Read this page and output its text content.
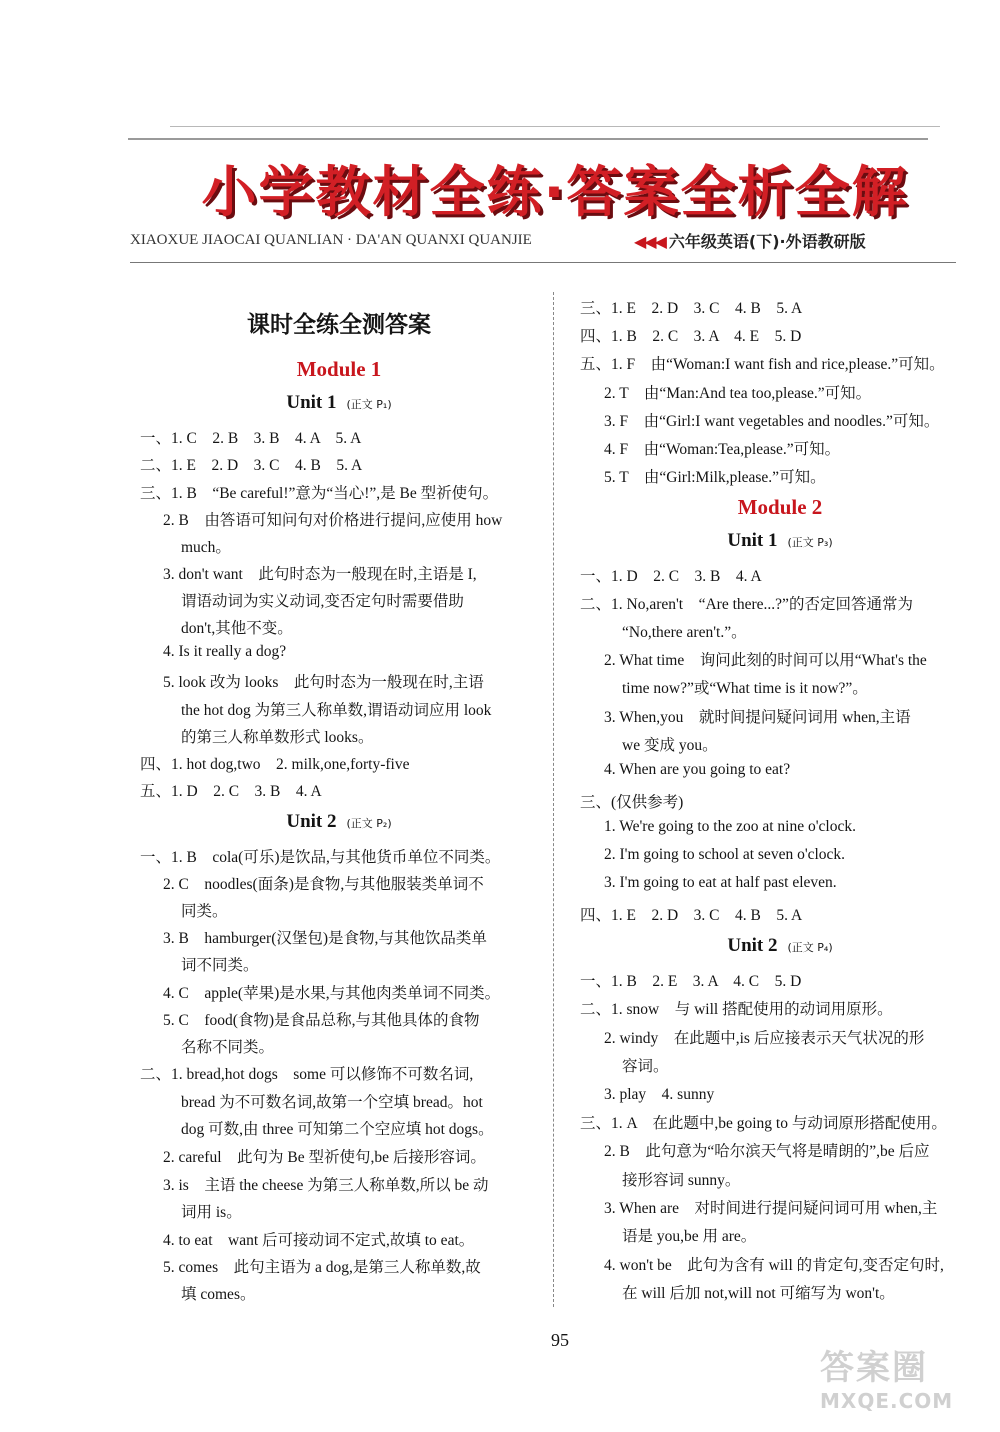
小学教材全练·答案全析全解
XIAOXUE JIAOCAI QUANLIAN · DA'AN QUANXI QUANJIE	◀◀◀ 六年级英语(下)·外语教研版
课时全练全测答案
Module 1
Unit 1 (正文 P₁)
一、1. C　2. B　3. B　4. A　5. A
二、1. E　2. D　3. C　4. B　5. A
三、1. B　“Be careful!”意为“当心!”,是 Be 型祈使句。
2. B　由答语可知问句对价格进行提问,应使用 how
much。
3. don't want　此句时态为一般现在时,主语是 I,
谓语动词为实义动词,变否定句时需要借助
don't,其他不变。
4. Is it really a dog?
5. look 改为 looks　此句时态为一般现在时,主语
the hot dog 为第三人称单数,谓语动词应用 look
的第三人称单数形式 looks。
四、1. hot dog,two　2. milk,one,forty-five
五、1. D　2. C　3. B　4. A
Unit 2 (正文 P₂)
一、1. B　cola(可乐)是饮品,与其他货币单位不同类。
2. C　noodles(面条)是食物,与其他服装类单词不
同类。
3. B　hamburger(汉堡包)是食物,与其他饮品类单
词不同类。
4. C　apple(苹果)是水果,与其他肉类单词不同类。
5. C　food(食物)是食品总称,与其他具体的食物
名称不同类。
二、1. bread,hot dogs　some 可以修饰不可数名词,
bread 为不可数名词,故第一个空填 bread。hot
dog 可数,由 three 可知第二个空应填 hot dogs。
2. careful　此句为 Be 型祈使句,be 后接形容词。
3. is　主语 the cheese 为第三人称单数,所以 be 动
词用 is。
4. to eat　want 后可接动词不定式,故填 to eat。
5. comes　此句主语为 a dog,是第三人称单数,故
填 comes。
三、1. E　2. D　3. C　4. B　5. A
四、1. B　2. C　3. A　4. E　5. D
五、1. F　由“Woman:I want fish and rice,please.”可知。
2. T　由“Man:And tea too,please.”可知。
3. F　由“Girl:I want vegetables and noodles.”可知。
4. F　由“Woman:Tea,please.”可知。
5. T　由“Girl:Milk,please.”可知。
Module 2
Unit 1 (正文 P₃)
一、1. D　2. C　3. B　4. A
二、1. No,aren't　“Are there...?”的否定回答通常为
“No,there aren't.”。
2. What time　询问此刻的时间可以用“What's the
time now?”或“What time is it now?”。
3. When,you　就时间提问疑问词用 when,主语
we 变成 you。
4. When are you going to eat?
三、(仅供参考)
1. We're going to the zoo at nine o'clock.
2. I'm going to school at seven o'clock.
3. I'm going to eat at half past eleven.
四、1. E　2. D　3. C　4. B　5. A
Unit 2 (正文 P₄)
一、1. B　2. E　3. A　4. C　5. D
二、1. snow　与 will 搭配使用的动词用原形。
2. windy　在此题中,is 后应接表示天气状况的形
容词。
3. play　4. sunny
三、1. A　在此题中,be going to 与动词原形搭配使用。
2. B　此句意为“哈尔滨天气将是晴朗的”,be 后应
接形容词 sunny。
3. When are　对时间进行提问疑问词可用 when,主
语是 you,be 用 are。
4. won't be　此句为含有 will 的肯定句,变否定句时,
在 will 后加 not,will not 可缩写为 won't。
95
答案圈
MXQE.COM
